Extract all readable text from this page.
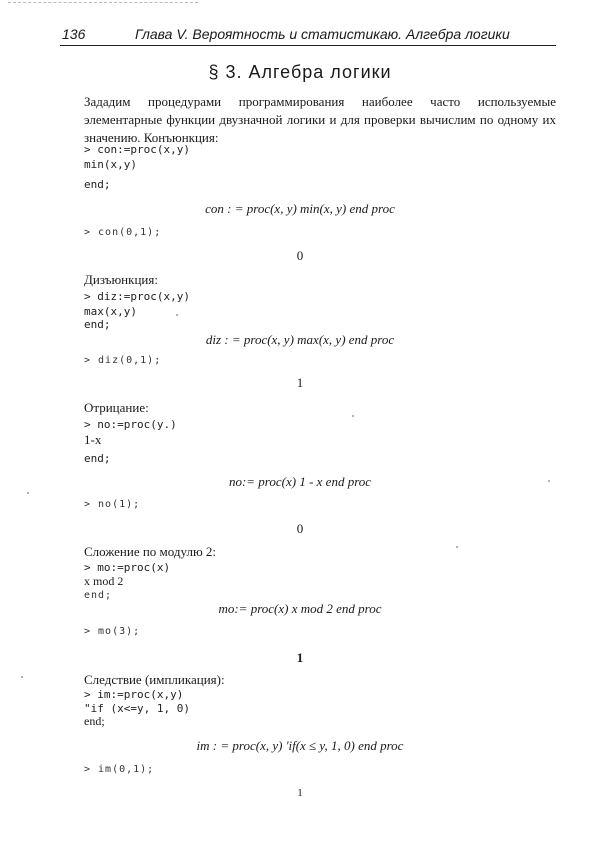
136	Глава V. Вероятность и статистикаю. Алгебра логики
§ 3. Алгебра логики
Зададим процедурами программирования наиболее часто используемые элементарные функции двузначной логики и для проверки вычислим по одному их значению. Конъюнкция:
> con:=proc(x,y)
min(x,y)
end;
con : = proc(x, y) min(x, y) end proc
> con(0,1);
0
Дизъюнкция:
> diz:=proc(x,y)
max(x,y)
end;
diz : = proc(x, y) max(x, y) end proc
> diz(0,1);
1
Отрицание:
> no:=proc(y.)
1-x
end;
no:= proc(x) 1 - x end proc
> no(1);
0
Сложение по модулю 2:
> mo:=proc(x)
x mod 2
end;
mo:= proc(x) x mod 2 end proc
> mo(3);
1
Следствие (импликация):
> im:=proc(x,y)
"if (x<=y, 1, 0)
end;
im : = proc(x, y) 'if(x ≤ y, 1, 0) end proc
> im(0,1);
1
